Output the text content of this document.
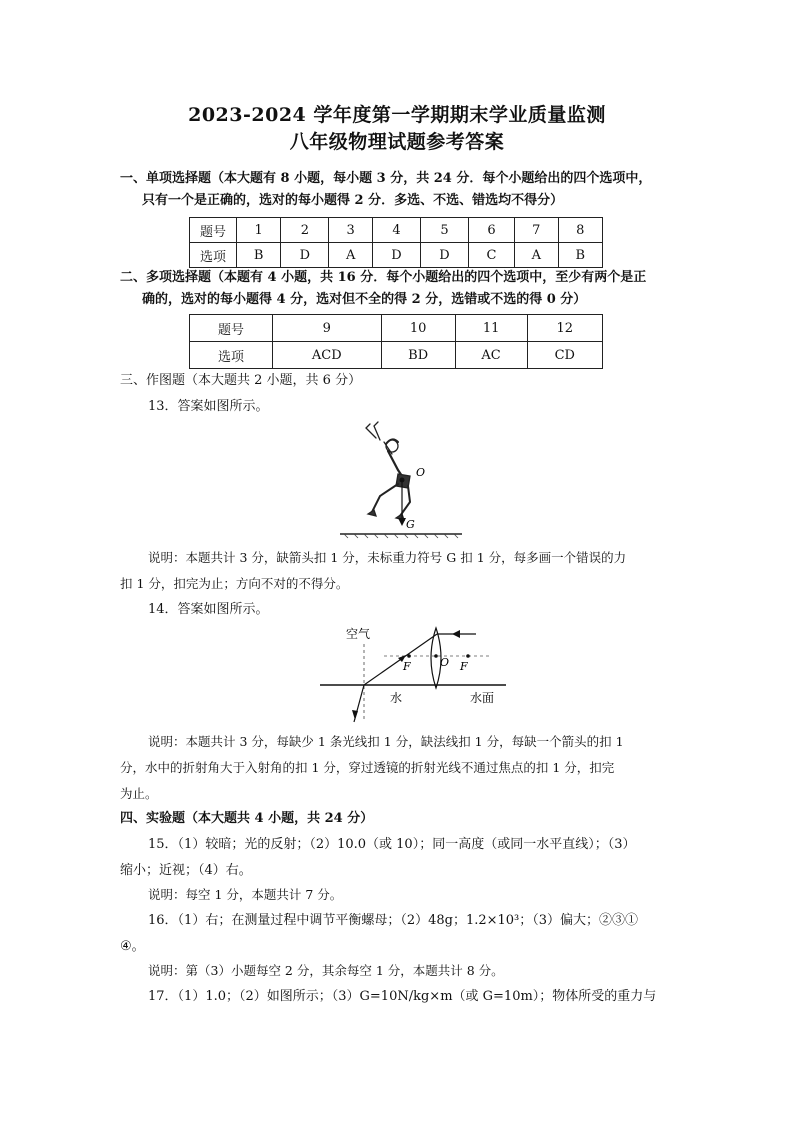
2023-2024 学年度第一学期期末学业质量监测
八年级物理试题参考答案
一、单项选择题（本大题有 8 小题，每小题 3 分，共 24 分．每个小题给出的四个选项中，
只有一个是正确的，选对的每小题得 2 分．多选、不选、错选均不得分）
题号	1	2	3	4	5	6	7	8
选项	B	D	A	D	D	C	A	B
二、多项选择题（本题有 4 小题，共 16 分．每个小题给出的四个选项中，至少有两个是正
确的，选对的每小题得 4 分，选对但不全的得 2 分，选错或不选的得 0 分）
题号	9	10	11	12
选项	ACD	BD	AC	CD
三、作图题（本大题共 2 小题，共 6 分）
13．答案如图所示。
O
G
说明：本题共计 3 分，缺箭头扣 1 分，未标重力符号 G 扣 1 分，每多画一个错误的力
扣 1 分，扣完为止；方向不对的不得分。
14．答案如图所示。
空气
F	O F
水	水面
说明：本题共计 3 分，每缺少 1 条光线扣 1 分，缺法线扣 1 分，每缺一个箭头的扣 1
分，水中的折射角大于入射角的扣 1 分，穿过透镜的折射光线不通过焦点的扣 1 分，扣完
为止。
四、实验题（本大题共 4 小题，共 24 分）
15．（1）较暗；光的反射；（2）10.0（或 10）；同一高度（或同一水平直线）；（3）
缩小；近视；（4）右。
说明：每空 1 分，本题共计 7 分。
16．（1）右；在测量过程中调节平衡螺母；（2）48g；1.2×10³；（3）偏大；②③①
④。
说明：第（3）小题每空 2 分，其余每空 1 分，本题共计 8 分。
17．（1）1.0；（2）如图所示；（3）G=10N/kg×m（或 G=10m）；物体所受的重力与
